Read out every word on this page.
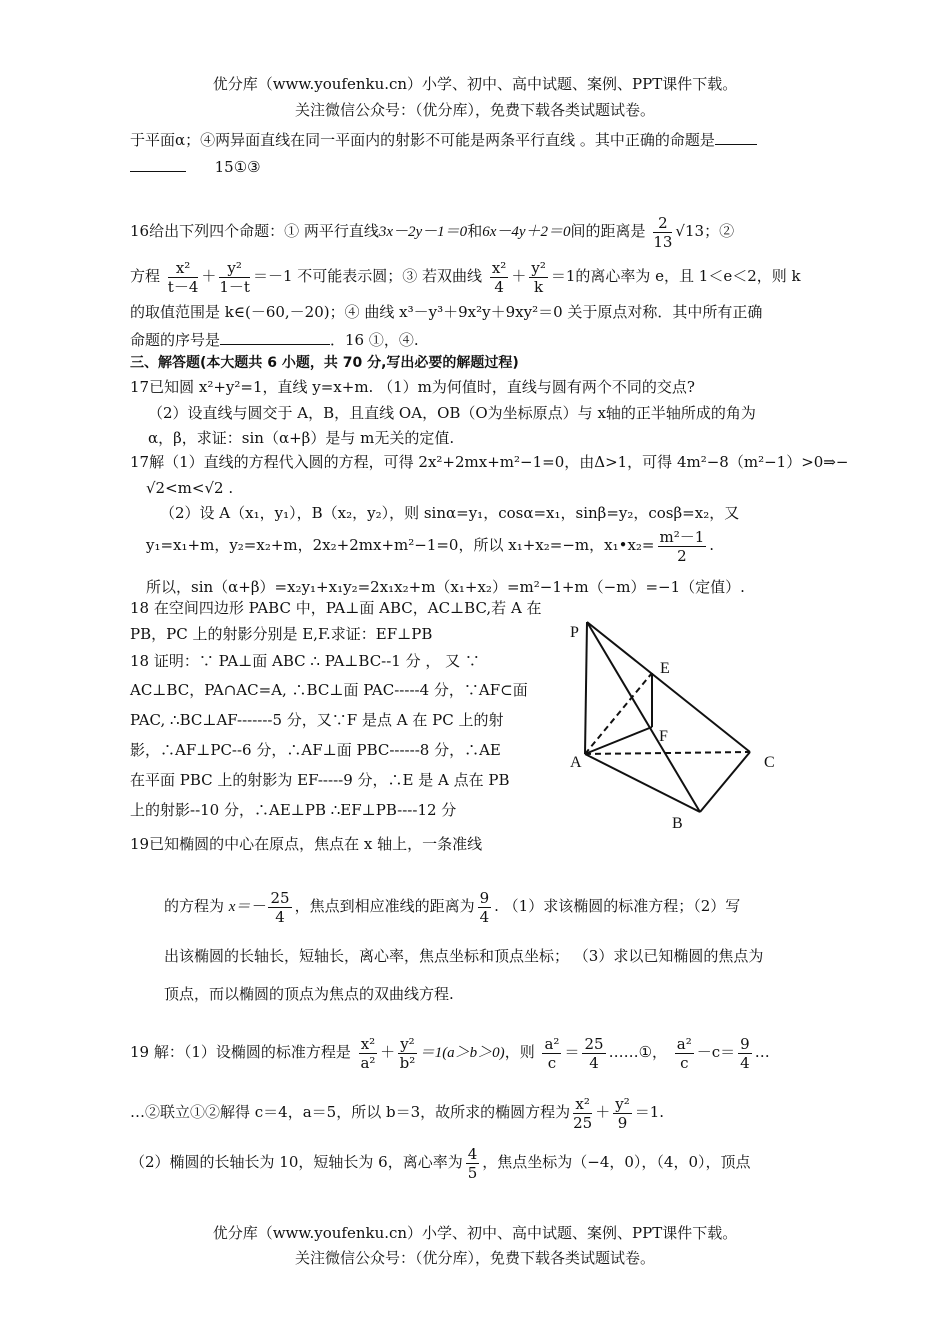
优分库（www.youfenku.cn）小学、初中、高中试题、案例、PPT课件下载。
关注微信公众号：（优分库），免费下载各类试题试卷。
于平面α；④两异面直线在同一平面内的射影不可能是两条平行直线 。其中正确的命题是
15①③
16给出下列四个命题：① 两平行直线3x－2y－1＝0和6x－4y＋2＝0间的距离是 $\frac{2}{13} √13$；②
方程 $\frac{\text{x²}}{t-4} + \frac{\text{y²}}{1-t} =-1$ 不可能表示圆；③ 若双曲线 $\frac{\text{x²}}{4} + \frac{\text{y²}}{k} =1$的离心率为 e，且 1＜e＜2，则 k
的取值范围是 k∈(－60,－20)；④ 曲线 x³－y³＋9x²y＋9xy²＝0 关于原点对称．其中所有正确
命题的序号是	．16 ①，④.
三、解答题(本大题共 6 小题，共 70 分,写出必要的解题过程)
17已知圆 x²+y²=1，直线 y=x+m. （1）m为何值时，直线与圆有两个不同的交点?
（2）设直线与圆交于 A，B，且直线 OA，OB（O为坐标原点）与 x轴的正半轴所成的角为
α，β，求证：sin（α+β）是与 m无关的定值.
17解（1）直线的方程代入圆的方程，可得 2x²+2mx+m²−1=0，由Δ>1，可得 4m²−8（m²−1）>0⇒−
√2<m<√2 .
（2）设 A（x₁，y₁），B（x₂，y₂），则 sinα=y₁，cosα=x₁，sinβ=y₂，cosβ=x₂，又
y₁=x₁+m，y₂=x₂+m，2x₂+2mx+m²−1=0，所以 x₁+x₂=−m，x₁•x₂= $\frac{\text{m²－1}}{2}$ .
所以，sin（α+β）=x₂y₁+x₁y₂=2x₁x₂+m（x₁+x₂）=m²−1+m（−m）=−1（定值）.
18 在空间四边形 PABC 中，PA⊥面 ABC，AC⊥BC,若 A 在
PB，PC 上的射影分别是 E,F.求证：EF⊥PB
18 证明：∵ PA⊥面 ABC ∴ PA⊥BC--1 分 ， 又 ∵
AC⊥BC，PA∩AC=A, ∴BC⊥面 PAC-----4 分，∵AF⊂面
PAC, ∴BC⊥AF-------5 分，又∵F 是点 A 在 PC 上的射
影，∴AF⊥PC--6 分，∴AF⊥面 PBC------8 分，∴AE
在平面 PBC 上的射影为 EF-----9 分，∴E 是 A 点在 PB
上的射影--10 分，∴AE⊥PB ∴EF⊥PB----12 分
P
E
F
A	C
B
19已知椭圆的中心在原点，焦点在 x 轴上，一条准线
的方程为 $x=- \frac{25}{4}$ ，焦点到相应准线的距离为 $\frac{9}{4}$ . （1）求该椭圆的标准方程；（2）写
出该椭圆的长轴长，短轴长，离心率，焦点坐标和顶点坐标； （3）求以已知椭圆的焦点为
顶点，而以椭圆的顶点为焦点的双曲线方程.
19 解：（1）设椭圆的标准方程是 $\frac{\text{x²}}{\text{a²}} + \frac{\text{y²}}{\text{b²}} =1(a>b>0)$，则 $\frac{\text{a²}}{c} = \frac{25}{4}$ ……①， $\frac{\text{a²}}{c} -c= \frac{9}{4}$ …
…②联立①②解得 c＝4，a＝5，所以 b＝3，故所求的椭圆方程为 $\frac{\text{x²}}{25} + \frac{\text{y²}}{9} =1$.
（2）椭圆的长轴长为 10，短轴长为 6，离心率为 $\frac{4}{5}$ ，焦点坐标为（−4，0），（4，0），顶点
优分库（www.youfenku.cn）小学、初中、高中试题、案例、PPT课件下载。
关注微信公众号：（优分库），免费下载各类试题试卷。
